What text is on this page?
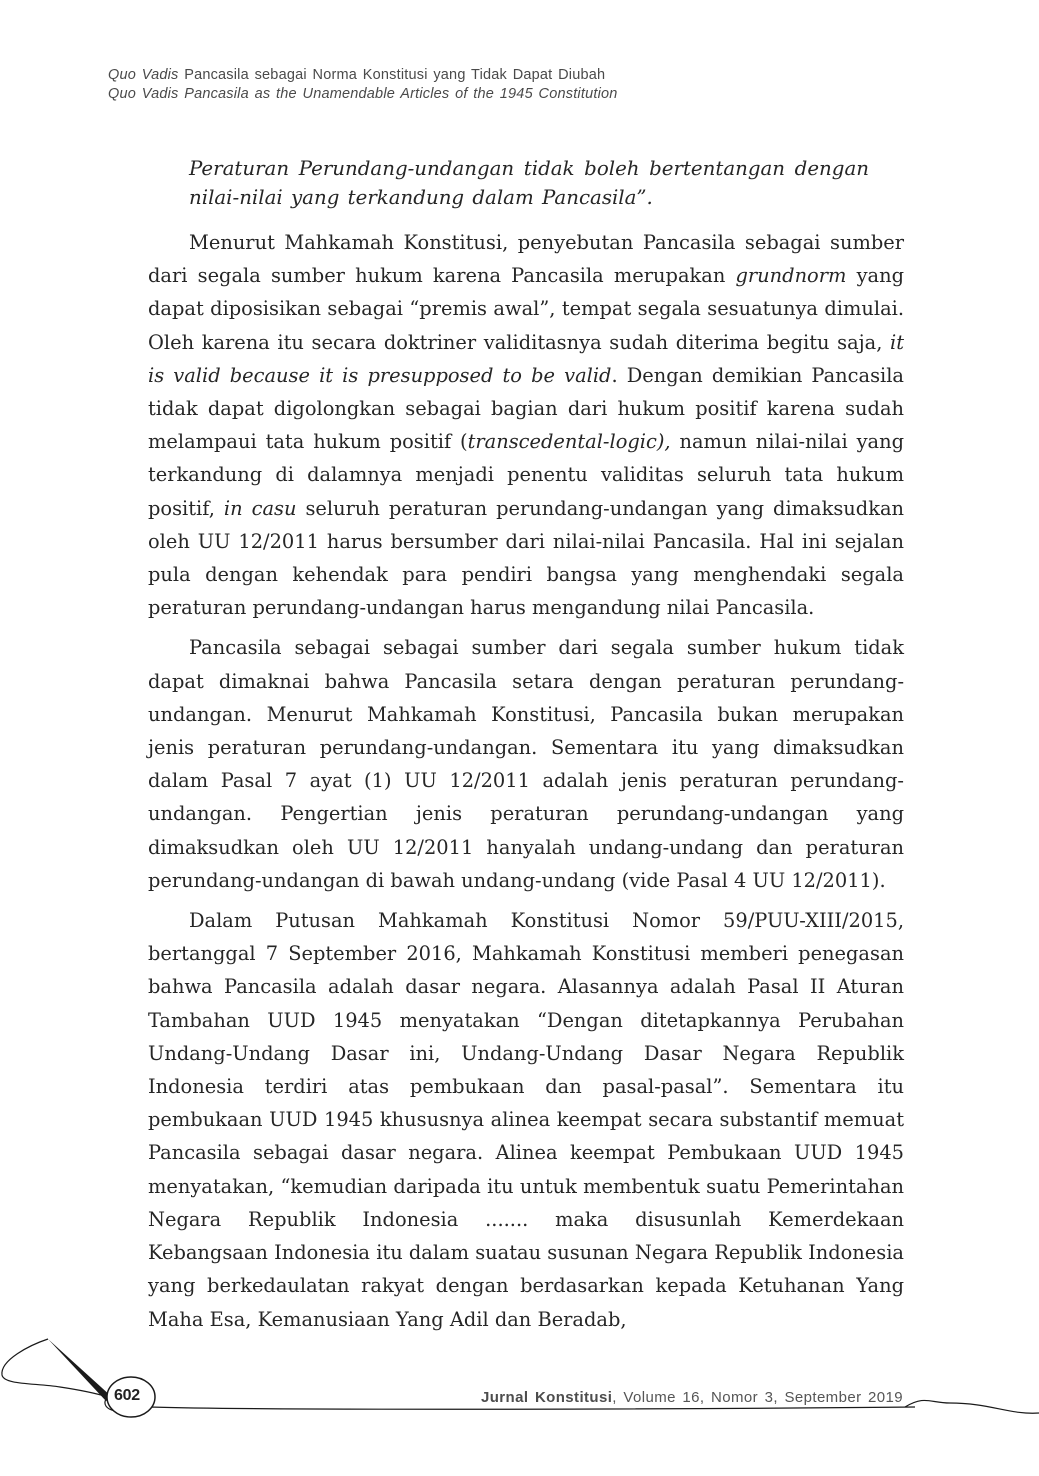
Quo Vadis Pancasila sebagai Norma Konstitusi yang Tidak Dapat Diubah
Quo Vadis Pancasila as the Unamendable Articles of the 1945 Constitution

Peraturan Perundang-undangan tidak boleh bertentangan dengan nilai-nilai yang terkandung dalam Pancasila”.

Menurut Mahkamah Konstitusi, penyebutan Pancasila sebagai sumber dari segala sumber hukum karena Pancasila merupakan grundnorm yang dapat diposisikan sebagai “premis awal”, tempat segala sesuatunya dimulai. Oleh karena itu secara doktriner validitasnya sudah diterima begitu saja, it is valid because it is presupposed to be valid. Dengan demikian Pancasila tidak dapat digolongkan sebagai bagian dari hukum positif karena sudah melampaui tata hukum positif (transcedental-logic), namun nilai-nilai yang terkandung di dalamnya menjadi penentu validitas seluruh tata hukum positif, in casu seluruh peraturan perundang-undangan yang dimaksudkan oleh UU 12/2011 harus bersumber dari nilai-nilai Pancasila. Hal ini sejalan pula dengan kehendak para pendiri bangsa yang menghendaki segala peraturan perundang-undangan harus mengandung nilai Pancasila.

Pancasila sebagai sebagai sumber dari segala sumber hukum tidak dapat dimaknai bahwa Pancasila setara dengan peraturan perundang-undangan. Menurut Mahkamah Konstitusi, Pancasila bukan merupakan jenis peraturan perundang-undangan. Sementara itu yang dimaksudkan dalam Pasal 7 ayat (1) UU 12/2011 adalah jenis peraturan perundang-undangan. Pengertian jenis peraturan perundang-undangan yang dimaksudkan oleh UU 12/2011 hanyalah undang-undang dan peraturan perundang-undangan di bawah undang-undang (vide Pasal 4 UU 12/2011).

Dalam Putusan Mahkamah Konstitusi Nomor 59/PUU-XIII/2015, bertanggal 7 September 2016, Mahkamah Konstitusi memberi penegasan bahwa Pancasila adalah dasar negara. Alasannya adalah Pasal II Aturan Tambahan UUD 1945 menyatakan “Dengan ditetapkannya Perubahan Undang-Undang Dasar ini, Undang-Undang Dasar Negara Republik Indonesia terdiri atas pembukaan dan pasal-pasal”. Sementara itu pembukaan UUD 1945 khususnya alinea keempat secara substantif memuat Pancasila sebagai dasar negara. Alinea keempat Pembukaan UUD 1945 menyatakan, “kemudian daripada itu untuk membentuk suatu Pemerintahan Negara Republik Indonesia ....... maka disusunlah Kemerdekaan Kebangsaan Indonesia itu dalam suatau susunan Negara Republik Indonesia yang berkedaulatan rakyat dengan berdasarkan kepada Ketuhanan Yang Maha Esa, Kemanusiaan Yang Adil dan Beradab,

602	Jurnal Konstitusi, Volume 16, Nomor 3, September 2019
